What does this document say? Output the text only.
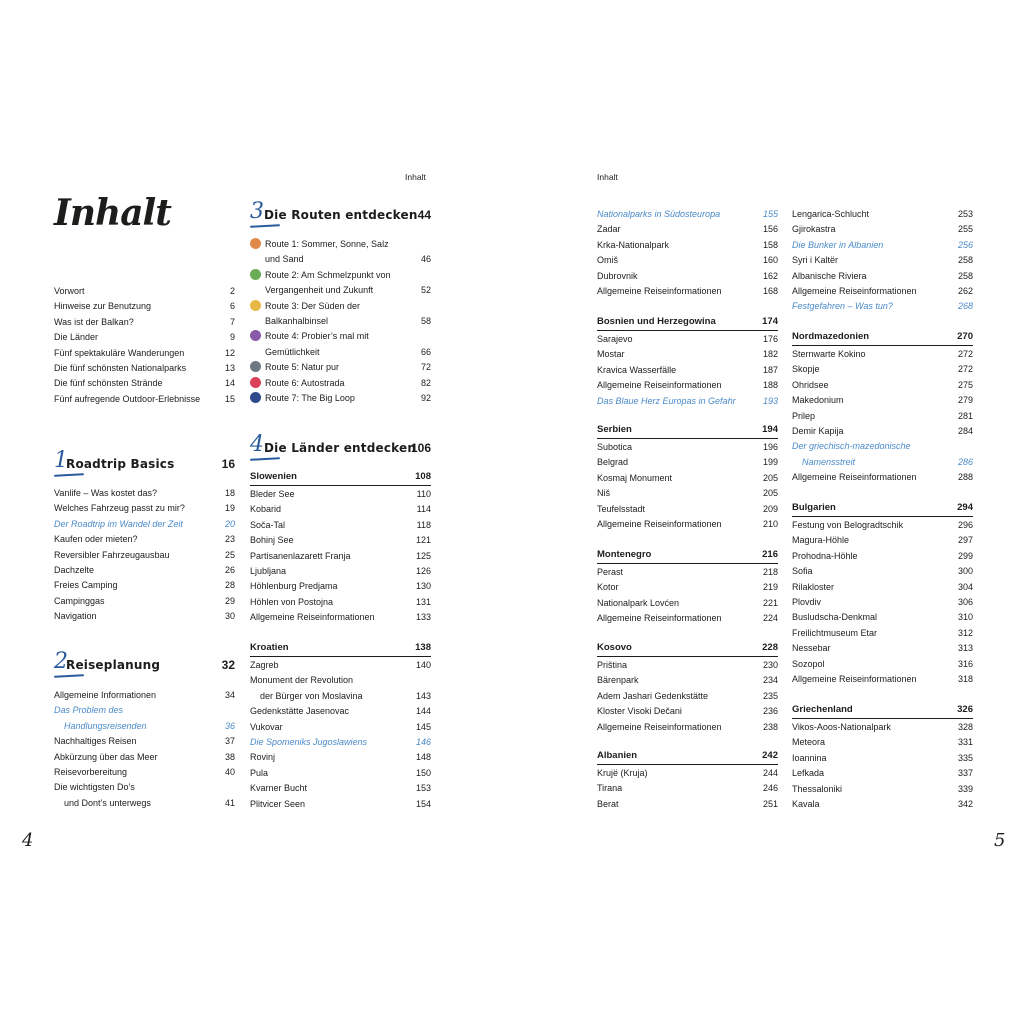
Inhalt
Inhalt
Vorwort	2
Hinweise zur Benutzung	6
Was ist der Balkan?	7
Die Länder	9
Fünf spektakuläre Wanderungen	12
Die fünf schönsten Nationalparks	13
Die fünf schönsten Strände	14
Fünf aufregende Outdoor-Erlebnisse	15
1
Roadtrip Basics	16
Vanlife – Was kostet das?	18
Welches Fahrzeug passt zu mir?	19
Der Roadtrip im Wandel der Zeit	20
Kaufen oder mieten?	23
Reversibler Fahrzeugausbau	25
Dachzelte	26
Freies Camping	28
Campinggas	29
Navigation	30
2
Reiseplanung	32
Allgemeine Informationen	34
Das Problem des
Handlungsreisenden	36
Nachhaltiges Reisen	37
Abkürzung über das Meer	38
Reisevorbereitung	40
Die wichtigsten Do’s
und Dont’s unterwegs	41
3 Die Routen entdecken 44
Route 1: Sommer, Sonne, Salz
und Sand	46
Route 2: Am Schmelzpunkt von
Vergangenheit und Zukunft	52
Route 3: Der Süden der
Balkanhalbinsel	58
Route 4: Probier’s mal mit
Gemütlichkeit	66
Route 5: Natur pur	72
Route 6: Autostrada	82
Route 7: The Big Loop	92
4 Die Länder entdecken
106
Slowenien	108
Bleder See	110
Kobarid	114
Soča-Tal	118
Bohinj See	121
Partisanenlazarett Franja	125
Ljubljana	126
Höhlenburg Predjama	130
Höhlen von Postojna	131
Allgemeine Reiseinformationen	133
Kroatien	138
Zagreb	140
Monument der Revolution
der Bürger von Moslavina	143
Gedenkstätte Jasenovac	144
Vukovar	145
Die Spomeniks Jugoslawiens	146
Rovinj	148
Pula	150
Kvarner Bucht	153
Plitvicer Seen	154
4
Inhalt
Nationalparks in Südosteuropa	155
Zadar	156
Krka-Nationalpark	158
Omiš	160
Dubrovnik	162
Allgemeine Reiseinformationen	168
Bosnien und Herzegowina	174
Sarajevo	176
Mostar	182
Kravica Wasserfälle	187
Allgemeine Reiseinformationen	188
Das Blaue Herz Europas in Gefahr	193
Serbien	194
Subotica	196
Belgrad	199
Kosmaj Monument	205
Niš	205
Teufelsstadt	209
Allgemeine Reiseinformationen	210
Montenegro	216
Perast	218
Kotor	219
Nationalpark Lovćen	221
Allgemeine Reiseinformationen	224
Kosovo	228
Priština	230
Bärenpark	234
Adem Jashari Gedenkstätte	235
Kloster Visoki Dečani	236
Allgemeine Reiseinformationen	238
Albanien	242
Krujë (Kruja)	244
Tirana	246
Berat	251
Lengarica-Schlucht	253
Gjirokastra	255
Die Bunker in Albanien	256
Syri i Kaltër	258
Albanische Riviera	258
Allgemeine Reiseinformationen	262
Festgefahren – Was tun?	268
Nordmazedonien	270
Sternwarte Kokino	272
Skopje	272
Ohridsee	275
Makedonium	279
Prilep	281
Demir Kapija	284
Der griechisch-mazedonische
Namensstreit	286
Allgemeine Reiseinformationen	288
Bulgarien	294
Festung von Belogradtschik	296
Magura-Höhle	297
Prohodna-Höhle	299
Sofia	300
Rilakloster	304
Plovdiv	306
Busludscha-Denkmal	310
Freilichtmuseum Etar	312
Nessebar	313
Sozopol	316
Allgemeine Reiseinformationen	318
Griechenland	326
Vikos-Aoos-Nationalpark	328
Meteora	331
Ioannina	335
Lefkada	337
Thessaloniki	339
Kavala	342
5
